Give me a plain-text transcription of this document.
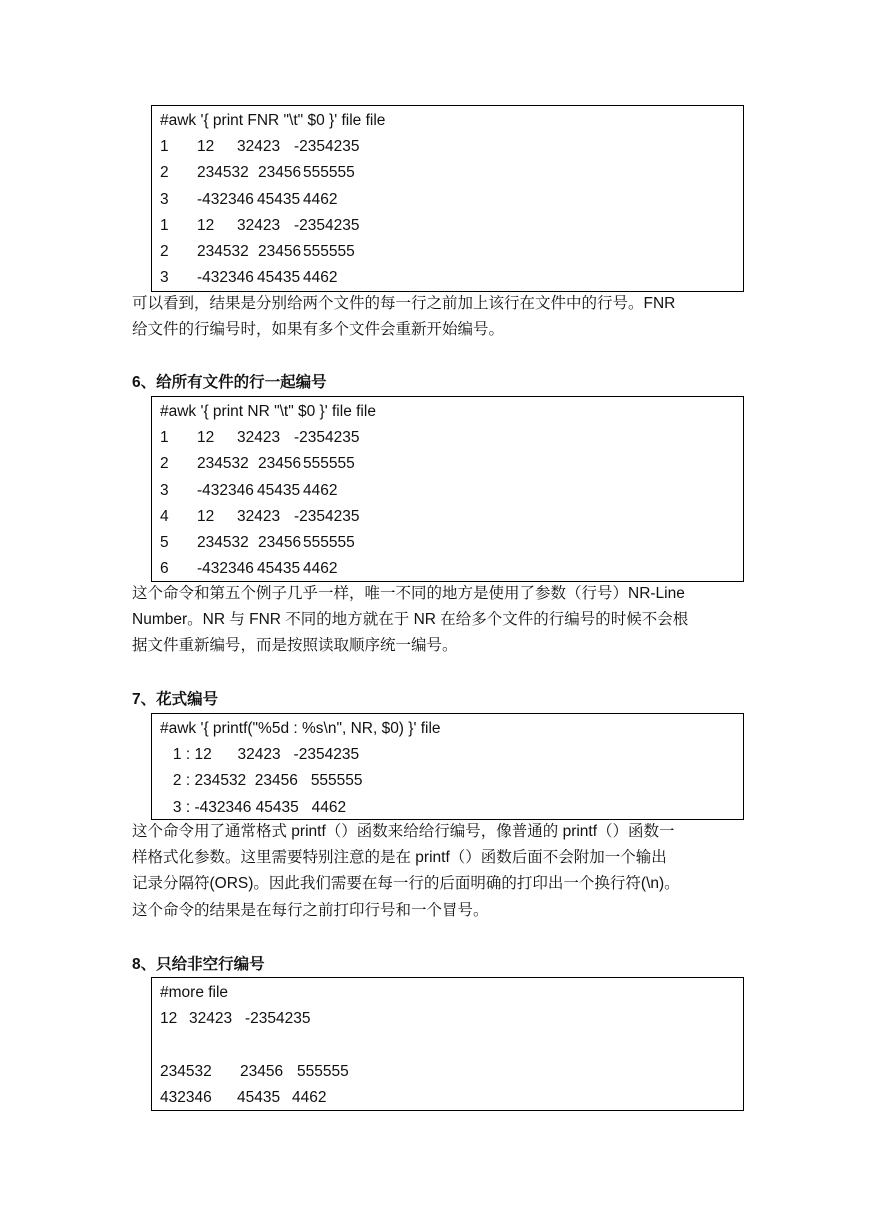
#awk '{ print FNR "\t" $0 }' file file
1 12 32423 -2354235
2 234532 23456 555555
3 -432346 45435 4462
1 12 32423 -2354235
2 234532 23456 555555
3 -432346 45435 4462
可以看到，结果是分别给两个文件的每一行之前加上该行在文件中的行号。FNR
给文件的行编号时，如果有多个文件会重新开始编号。
6、给所有文件的行一起编号
#awk '{ print NR "\t" $0 }' file file
1 12 32423 -2354235
2 234532 23456 555555
3 -432346 45435 4462
4 12 32423 -2354235
5 234532 23456 555555
6 -432346 45435 4462
这个命令和第五个例子几乎一样，唯一不同的地方是使用了参数（行号）NR-Line
Number。NR 与 FNR 不同的地方就在于 NR 在给多个文件的行编号的时候不会根
据文件重新编号，而是按照读取顺序统一编号。
7、花式编号
#awk '{ printf("%5d : %s\n", NR, $0) }' file
1 : 12      32423   -2354235
2 : 234532  23456   555555
3 : -432346 45435   4462
这个命令用了通常格式 printf（）函数来给给行编号，像普通的 printf（）函数一
样格式化参数。这里需要特别注意的是在 printf（）函数后面不会附加一个输出
记录分隔符(ORS)。因此我们需要在每一行的后面明确的打印出一个换行符(\n)。
这个命令的结果是在每行之前打印行号和一个冒号。
8、只给非空行编号
#more file
12 32423 -2354235
234532 23456 555555
432346 45435 4462
